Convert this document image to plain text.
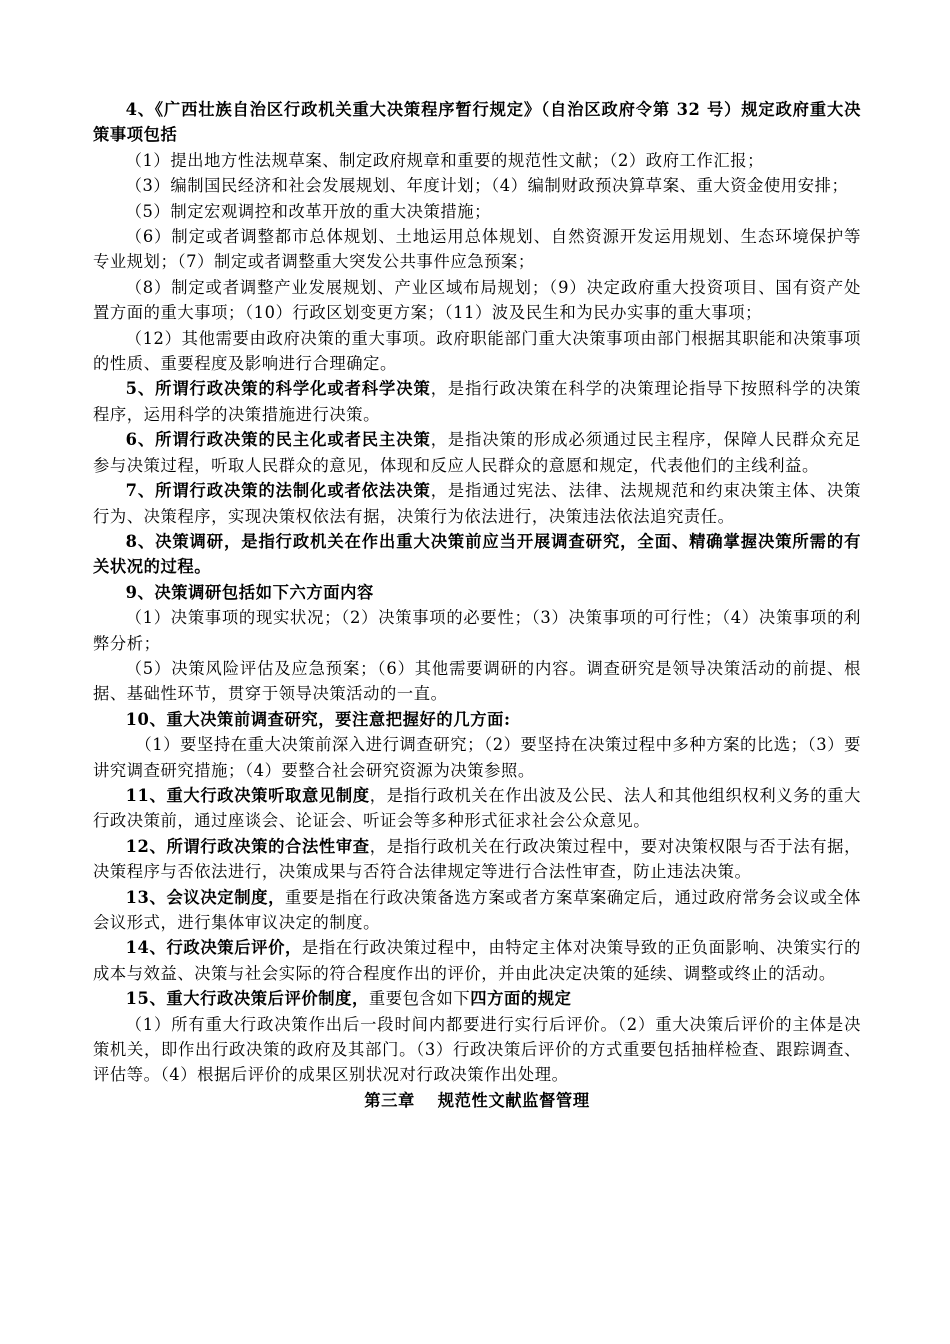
4、《广西壮族自治区行政机关重大决策程序暂行规定》（自治区政府令第 32 号）规定政府重大决策事项包括

（1）提出地方性法规草案、制定政府规章和重要的规范性文献；（2）政府工作汇报；

（3）编制国民经济和社会发展规划、年度计划；（4）编制财政预决算草案、重大资金使用安排；

（5）制定宏观调控和改革开放的重大决策措施；

（6）制定或者调整都市总体规划、土地运用总体规划、自然资源开发运用规划、生态环境保护等专业规划；（7）制定或者调整重大突发公共事件应急预案；

（8）制定或者调整产业发展规划、产业区域布局规划；（9）决定政府重大投资项目、国有资产处置方面的重大事项；（10）行政区划变更方案；（11）波及民生和为民办实事的重大事项；

（12）其他需要由政府决策的重大事项。政府职能部门重大决策事项由部门根据其职能和决策事项的性质、重要程度及影响进行合理确定。

5、所谓行政决策的科学化或者科学决策，是指行政决策在科学的决策理论指导下按照科学的决策程序，运用科学的决策措施进行决策。

6、所谓行政决策的民主化或者民主决策，是指决策的形成必须通过民主程序，保障人民群众充足参与决策过程，听取人民群众的意见，体现和反应人民群众的意愿和规定，代表他们的主线利益。

7、所谓行政决策的法制化或者依法决策，是指通过宪法、法律、法规规范和约束决策主体、决策行为、决策程序，实现决策权依法有据，决策行为依法进行，决策违法依法追究责任。

8、决策调研，是指行政机关在作出重大决策前应当开展调查研究，全面、精确掌握决策所需的有关状况的过程。

9、决策调研包括如下六方面内容

（1）决策事项的现实状况；（2）决策事项的必要性；（3）决策事项的可行性；（4）决策事项的利弊分析；

（5）决策风险评估及应急预案；（6）其他需要调研的内容。调查研究是领导决策活动的前提、根据、基础性环节，贯穿于领导决策活动的一直。

10、重大决策前调查研究，要注意把握好的几方面:

（1）要坚持在重大决策前深入进行调查研究；（2）要坚持在决策过程中多种方案的比选；（3）要讲究调查研究措施；（4）要整合社会研究资源为决策参照。

11、重大行政决策听取意见制度，是指行政机关在作出波及公民、法人和其他组织权利义务的重大行政决策前，通过座谈会、论证会、听证会等多种形式征求社会公众意见。

12、所谓行政决策的合法性审查，是指行政机关在行政决策过程中，要对决策权限与否于法有据，决策程序与否依法进行，决策成果与否符合法律规定等进行合法性审查，防止违法决策。

13、会议决定制度，重要是指在行政决策备选方案或者方案草案确定后，通过政府常务会议或全体会议形式，进行集体审议决定的制度。

14、行政决策后评价，是指在行政决策过程中，由特定主体对决策导致的正负面影响、决策实行的成本与效益、决策与社会实际的符合程度作出的评价，并由此决定决策的延续、调整或终止的活动。

15、重大行政决策后评价制度，重要包含如下四方面的规定

（1）所有重大行政决策作出后一段时间内都要进行实行后评价。（2）重大决策后评价的主体是决策机关，即作出行政决策的政府及其部门。（3）行政决策后评价的方式重要包括抽样检查、跟踪调查、评估等。（4）根据后评价的成果区别状况对行政决策作出处理。

第三章 规范性文献监督管理
